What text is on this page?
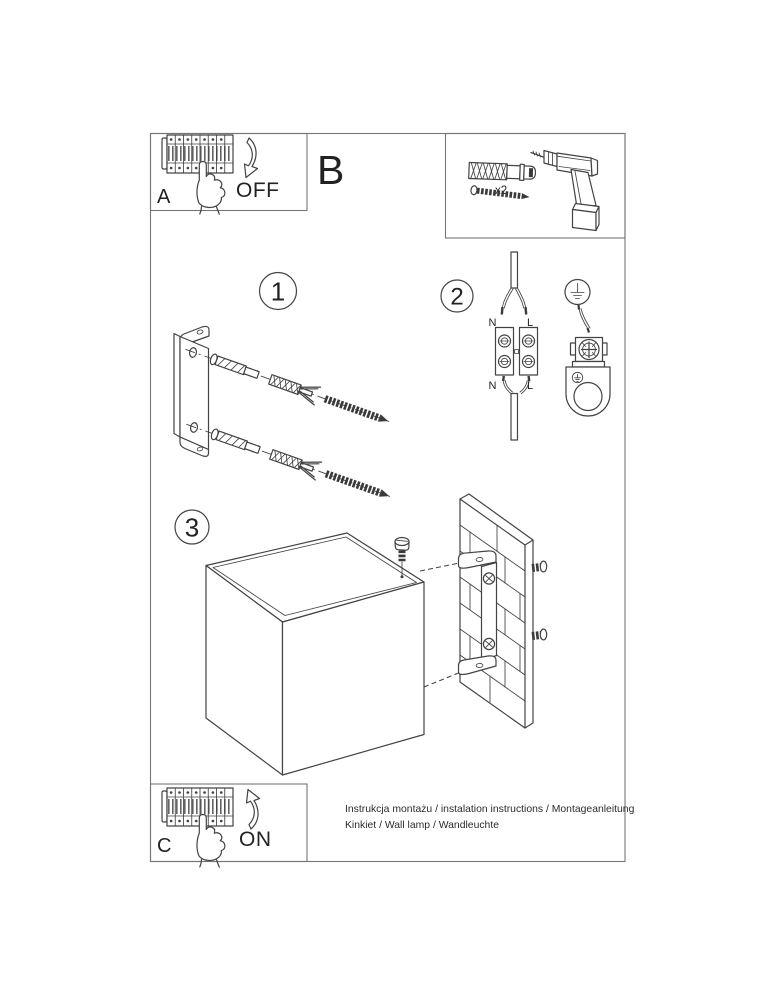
OFF
A
B	x2
1	2
N	L
N	L
3
ON
C
Instrukcja montażu / instalation instructions / Montageanleitung
Kinkiet / Wall lamp / Wandleuchte
